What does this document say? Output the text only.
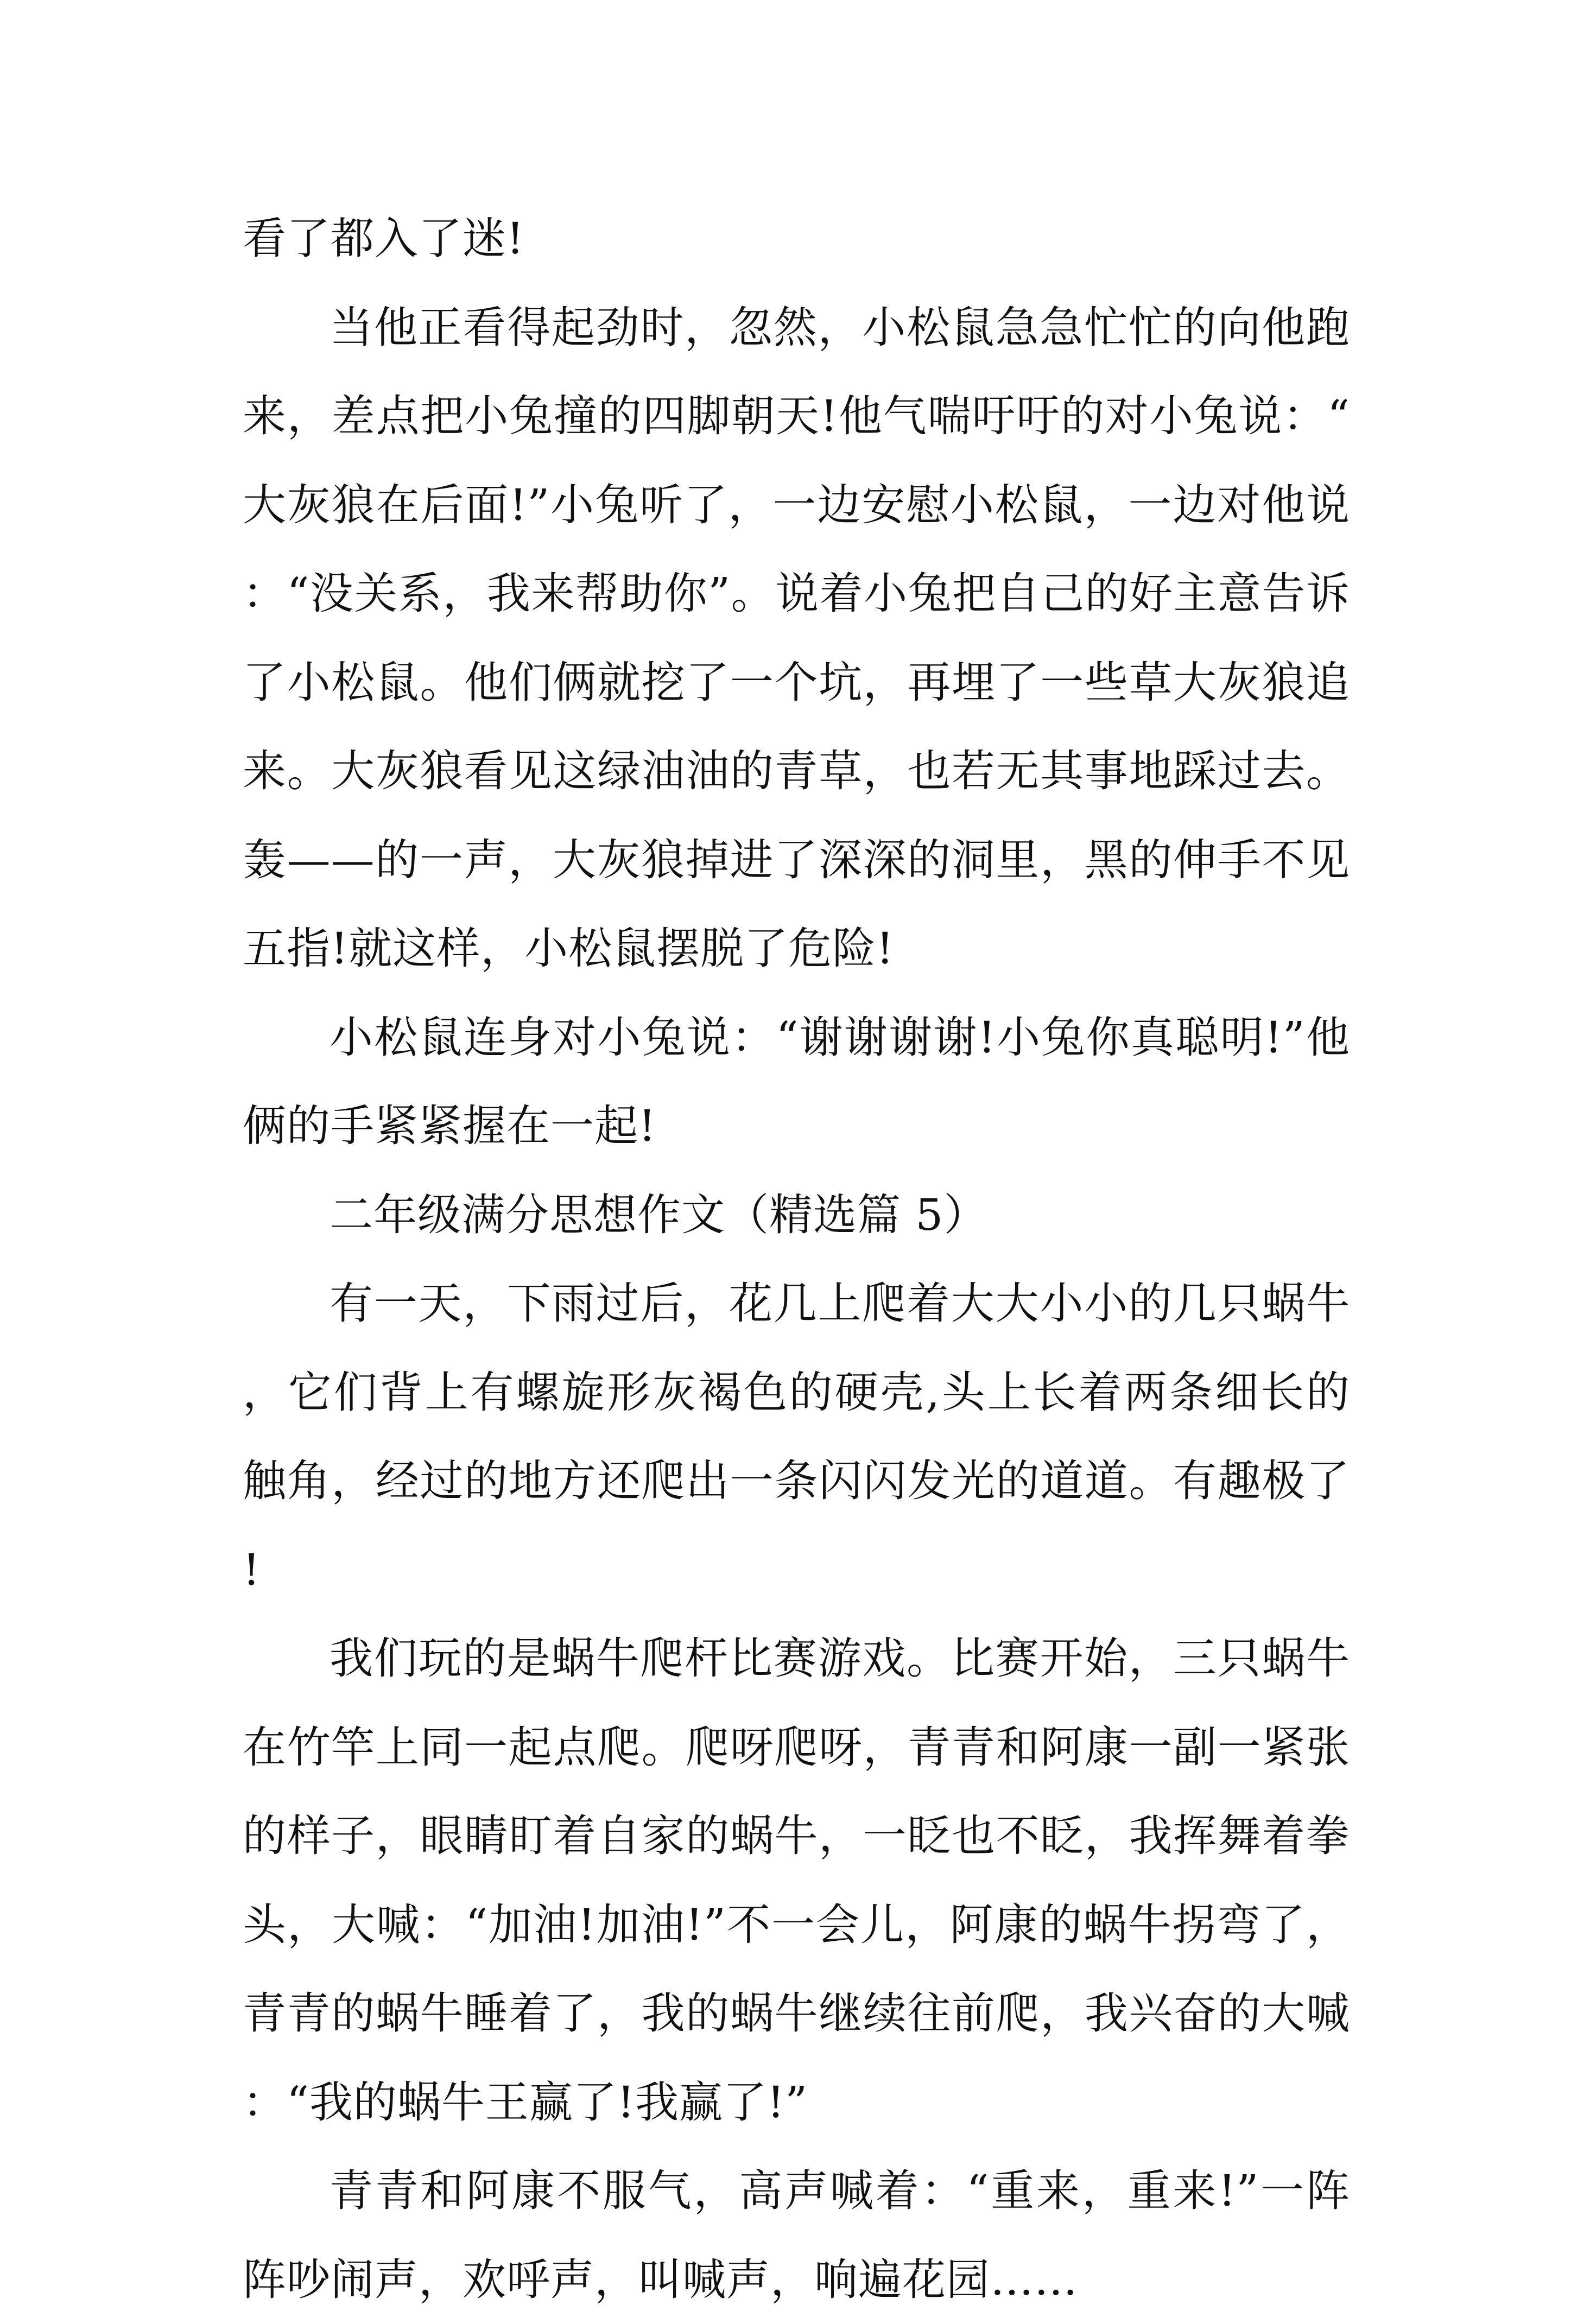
看了都入了迷!

当他正看得起劲时，忽然，小松鼠急急忙忙的向他跑来，差点把小兔撞的四脚朝天!他气喘吁吁的对小兔说：“大灰狼在后面!”小兔听了，一边安慰小松鼠，一边对他说：“没关系，我来帮助你”。说着小兔把自己的好主意告诉了小松鼠。他们俩就挖了一个坑，再埋了一些草大灰狼追来。大灰狼看见这绿油油的青草，也若无其事地踩过去。轰——的一声，大灰狼掉进了深深的洞里，黑的伸手不见五指!就这样，小松鼠摆脱了危险!

小松鼠连身对小兔说：“谢谢谢谢!小兔你真聪明!”他俩的手紧紧握在一起!

二年级满分思想作文（精选篇 5）

有一天，下雨过后，花几上爬着大大小小的几只蜗牛，它们背上有螺旋形灰褐色的硬壳,头上长着两条细长的触角，经过的地方还爬出一条闪闪发光的道道。有趣极了!

我们玩的是蜗牛爬杆比赛游戏。比赛开始，三只蜗牛在竹竿上同一起点爬。爬呀爬呀，青青和阿康一副一紧张的样子，眼睛盯着自家的蜗牛，一眨也不眨，我挥舞着拳头，大喊：“加油!加油!”不一会儿，阿康的蜗牛拐弯了，青青的蜗牛睡着了，我的蜗牛继续往前爬，我兴奋的大喊：“我的蜗牛王赢了!我赢了!”

青青和阿康不服气，高声喊着：“重来，重来!”一阵阵吵闹声，欢呼声，叫喊声，响遍花园……
